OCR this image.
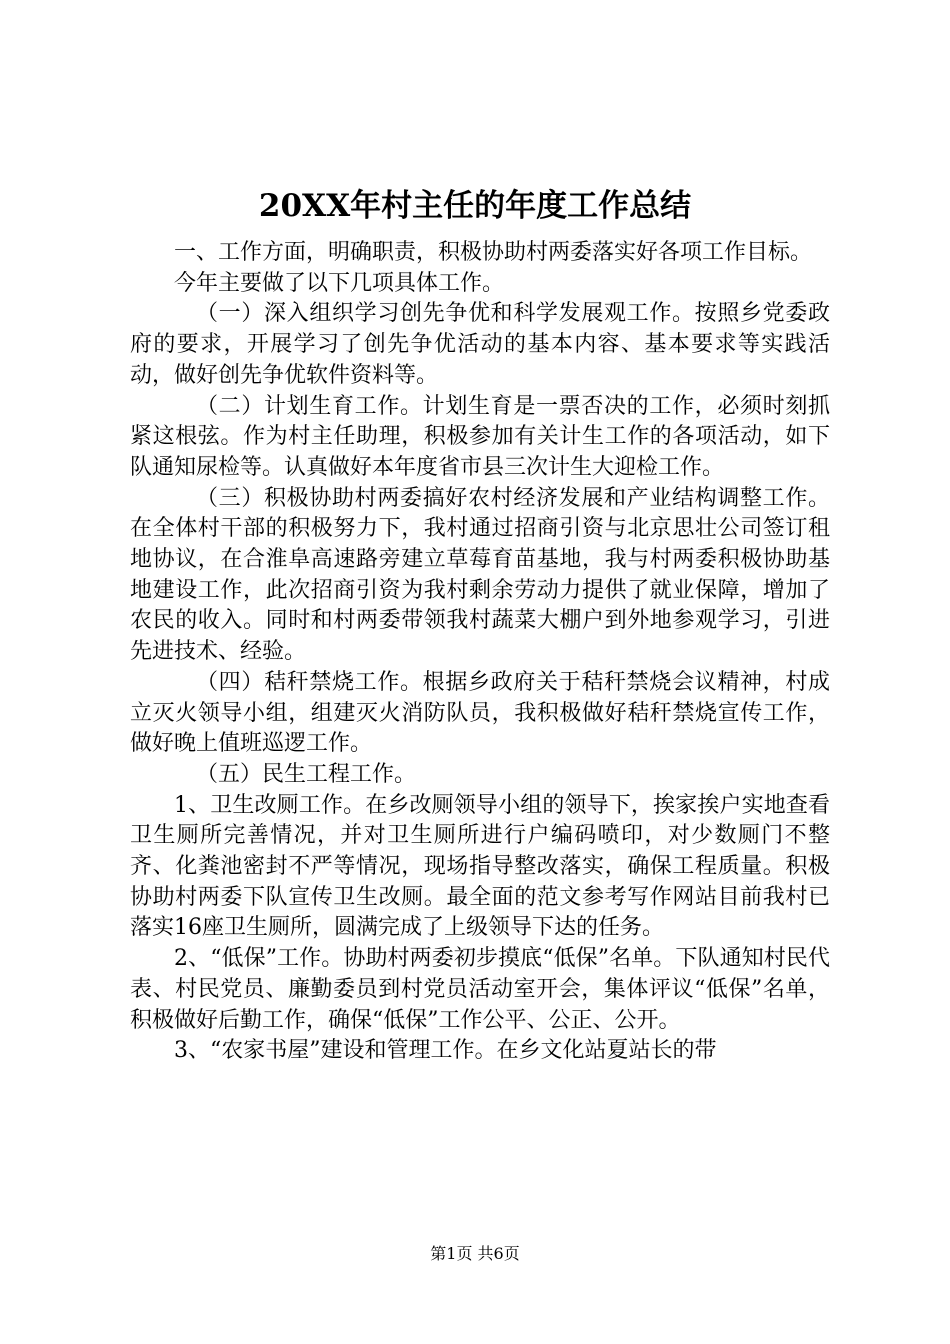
20XX年村主任的年度工作总结

一、工作方面，明确职责，积极协助村两委落实好各项工作目标。

今年主要做了以下几项具体工作。

（一）深入组织学习创先争优和科学发展观工作。按照乡党委政府的要求，开展学习了创先争优活动的基本内容、基本要求等实践活动，做好创先争优软件资料等。

（二）计划生育工作。计划生育是一票否决的工作，必须时刻抓紧这根弦。作为村主任助理，积极参加有关计生工作的各项活动，如下队通知尿检等。认真做好本年度省市县三次计生大迎检工作。

（三）积极协助村两委搞好农村经济发展和产业结构调整工作。在全体村干部的积极努力下，我村通过招商引资与北京思壮公司签订租地协议，在合淮阜高速路旁建立草莓育苗基地，我与村两委积极协助基地建设工作，此次招商引资为我村剩余劳动力提供了就业保障，增加了农民的收入。同时和村两委带领我村蔬菜大棚户到外地参观学习，引进先进技术、经验。

（四）秸秆禁烧工作。根据乡政府关于秸秆禁烧会议精神，村成立灭火领导小组，组建灭火消防队员，我积极做好秸秆禁烧宣传工作，做好晚上值班巡逻工作。

（五）民生工程工作。

1、卫生改厕工作。在乡改厕领导小组的领导下，挨家挨户实地查看卫生厕所完善情况，并对卫生厕所进行户编码喷印，对少数厕门不整齐、化粪池密封不严等情况，现场指导整改落实，确保工程质量。积极协助村两委下队宣传卫生改厕。最全面的范文参考写作网站目前我村已落实16座卫生厕所，圆满完成了上级领导下达的任务。

2、“低保”工作。协助村两委初步摸底“低保”名单。下队通知村民代表、村民党员、廉勤委员到村党员活动室开会，集体评议“低保”名单，积极做好后勤工作，确保“低保”工作公平、公正、公开。

3、“农家书屋”建设和管理工作。在乡文化站夏站长的带

第1页 共6页
